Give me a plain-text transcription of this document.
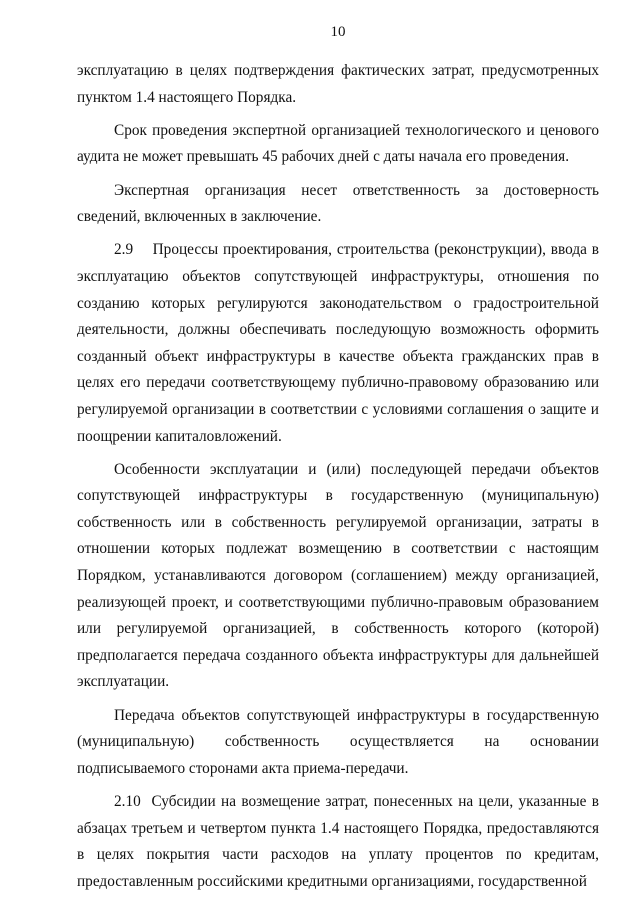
10

эксплуатацию в целях подтверждения фактических затрат, предусмотренных пунктом 1.4 настоящего Порядка.

Срок проведения экспертной организацией технологического и ценового аудита не может превышать 45 рабочих дней с даты начала его проведения.

Экспертная организация несет ответственность за достоверность сведений, включенных в заключение.

2.9    Процессы проектирования, строительства (реконструкции), ввода в эксплуатацию объектов сопутствующей инфраструктуры, отношения по созданию которых регулируются законодательством о градостроительной деятельности, должны обеспечивать последующую возможность оформить созданный объект инфраструктуры в качестве объекта гражданских прав в целях его передачи соответствующему публично-правовому образованию или регулируемой организации в соответствии с условиями соглашения о защите и поощрении капиталовложений.

Особенности эксплуатации и (или) последующей передачи объектов сопутствующей инфраструктуры в государственную (муниципальную) собственность или в собственность регулируемой организации, затраты в отношении которых подлежат возмещению в соответствии с настоящим Порядком, устанавливаются договором (соглашением) между организацией, реализующей проект, и соответствующими публично-правовым образованием или регулируемой организацией, в собственность которого (которой) предполагается передача созданного объекта инфраструктуры для дальнейшей эксплуатации.

Передача объектов сопутствующей инфраструктуры в государственную (муниципальную) собственность осуществляется на основании подписываемого сторонами акта приема-передачи.

2.10  Субсидии на возмещение затрат, понесенных на цели, указанные в абзацах третьем и четвертом пункта 1.4 настоящего Порядка, предоставляются в целях покрытия части расходов на уплату процентов по кредитам, предоставленным российскими кредитными организациями, государственной
